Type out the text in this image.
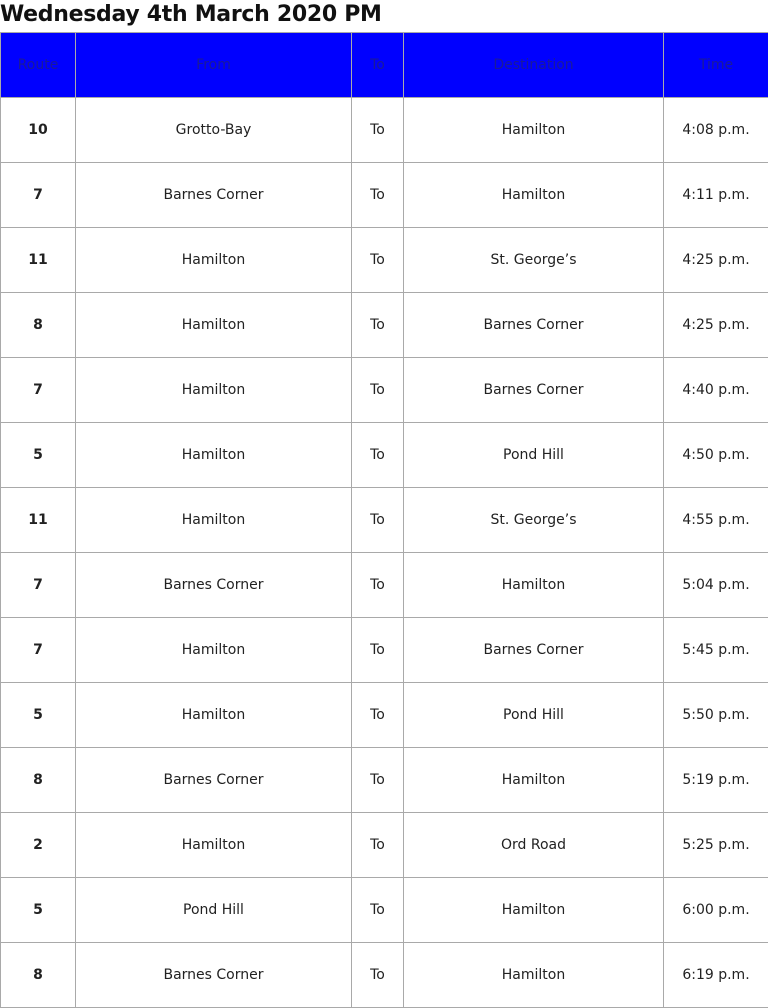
Wednesday 4th March 2020 PM
Route	From	To	Destination	Time
10	Grotto-Bay	To	Hamilton	4:08 p.m.
7	Barnes Corner	To	Hamilton	4:11 p.m.
11	Hamilton	To	St. George’s	4:25 p.m.
8	Hamilton	To	Barnes Corner	4:25 p.m.
7	Hamilton	To	Barnes Corner	4:40 p.m.
5	Hamilton	To	Pond Hill	4:50 p.m.
11	Hamilton	To	St. George’s	4:55 p.m.
7	Barnes Corner	To	Hamilton	5:04 p.m.
7	Hamilton	To	Barnes Corner	5:45 p.m.
5	Hamilton	To	Pond Hill	5:50 p.m.
8	Barnes Corner	To	Hamilton	5:19 p.m.
2	Hamilton	To	Ord Road	5:25 p.m.
5	Pond Hill	To	Hamilton	6:00 p.m.
8	Barnes Corner	To	Hamilton	6:19 p.m.
